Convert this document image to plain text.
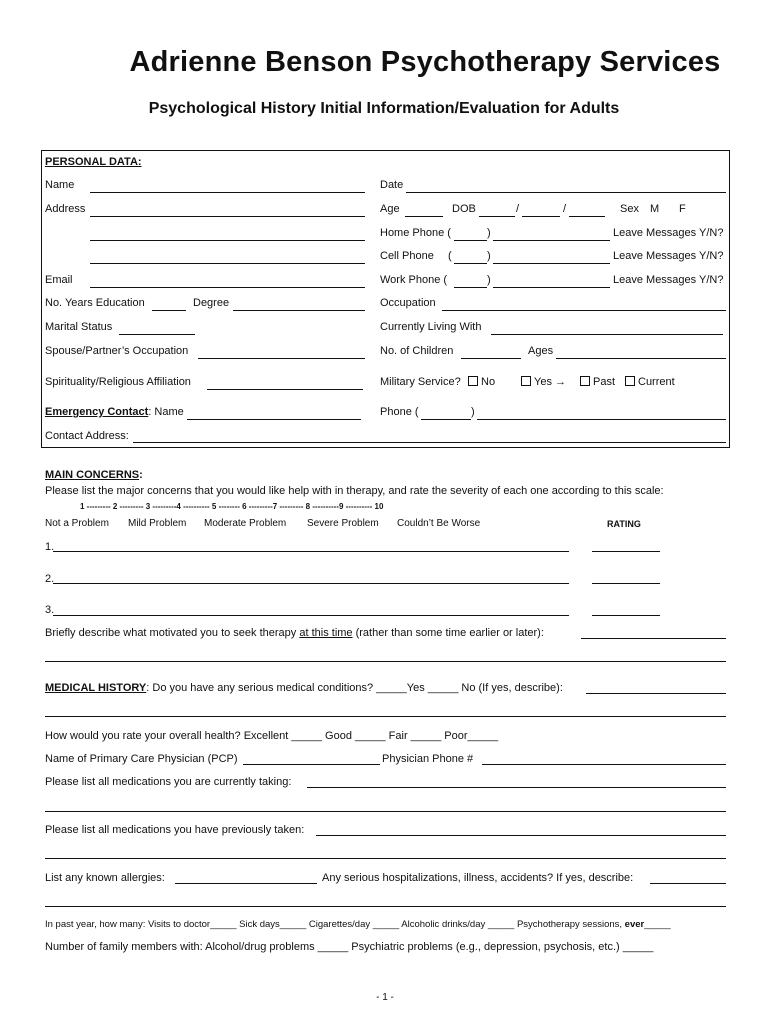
Adrienne Benson Psychotherapy Services
Psychological History Initial Information/Evaluation for Adults
PERSONAL DATA:
Name	Date
Address	Age	DOB	/	/	Sex M F
Home Phone (	)	Leave Messages Y/N?
Cell Phone (	)	Leave Messages Y/N?
Email	Work Phone (	)	Leave Messages Y/N?
No. Years Education	Degree	Occupation
Marital Status	Currently Living With
Spouse/Partner’s Occupation	No. of Children	Ages
Spirituality/Religious Affiliation	Military Service?	No	Yes →	Past	Current
Emergency Contact: Name	Phone (	)
Contact Address:
MAIN CONCERNS:
Please list the major concerns that you would like help with in therapy, and rate the severity of each one according to this scale:
1 --------- 2 --------- 3 ---------4 ---------- 5 -------- 6 ---------7 --------- 8 ----------9 ---------- 10
Not a Problem Mild Problem Moderate Problem Severe Problem Couldn’t Be Worse	RATING
1.
2.
3.
Briefly describe what motivated you to seek therapy at this time (rather than some time earlier or later):
MEDICAL HISTORY: Do you have any serious medical conditions? _____Yes _____ No (If yes, describe):
How would you rate your overall health? Excellent _____ Good _____ Fair _____ Poor_____
Name of Primary Care Physician (PCP)	Physician Phone #
Please list all medications you are currently taking:
Please list all medications you have previously taken:
List any known allergies:	Any serious hospitalizations, illness, accidents? If yes, describe:
In past year, how many: Visits to doctor_____ Sick days_____ Cigarettes/day _____ Alcoholic drinks/day _____ Psychotherapy sessions, ever_____
Number of family members with: Alcohol/drug problems _____ Psychiatric problems (e.g., depression, psychosis, etc.) _____
- 1 -
